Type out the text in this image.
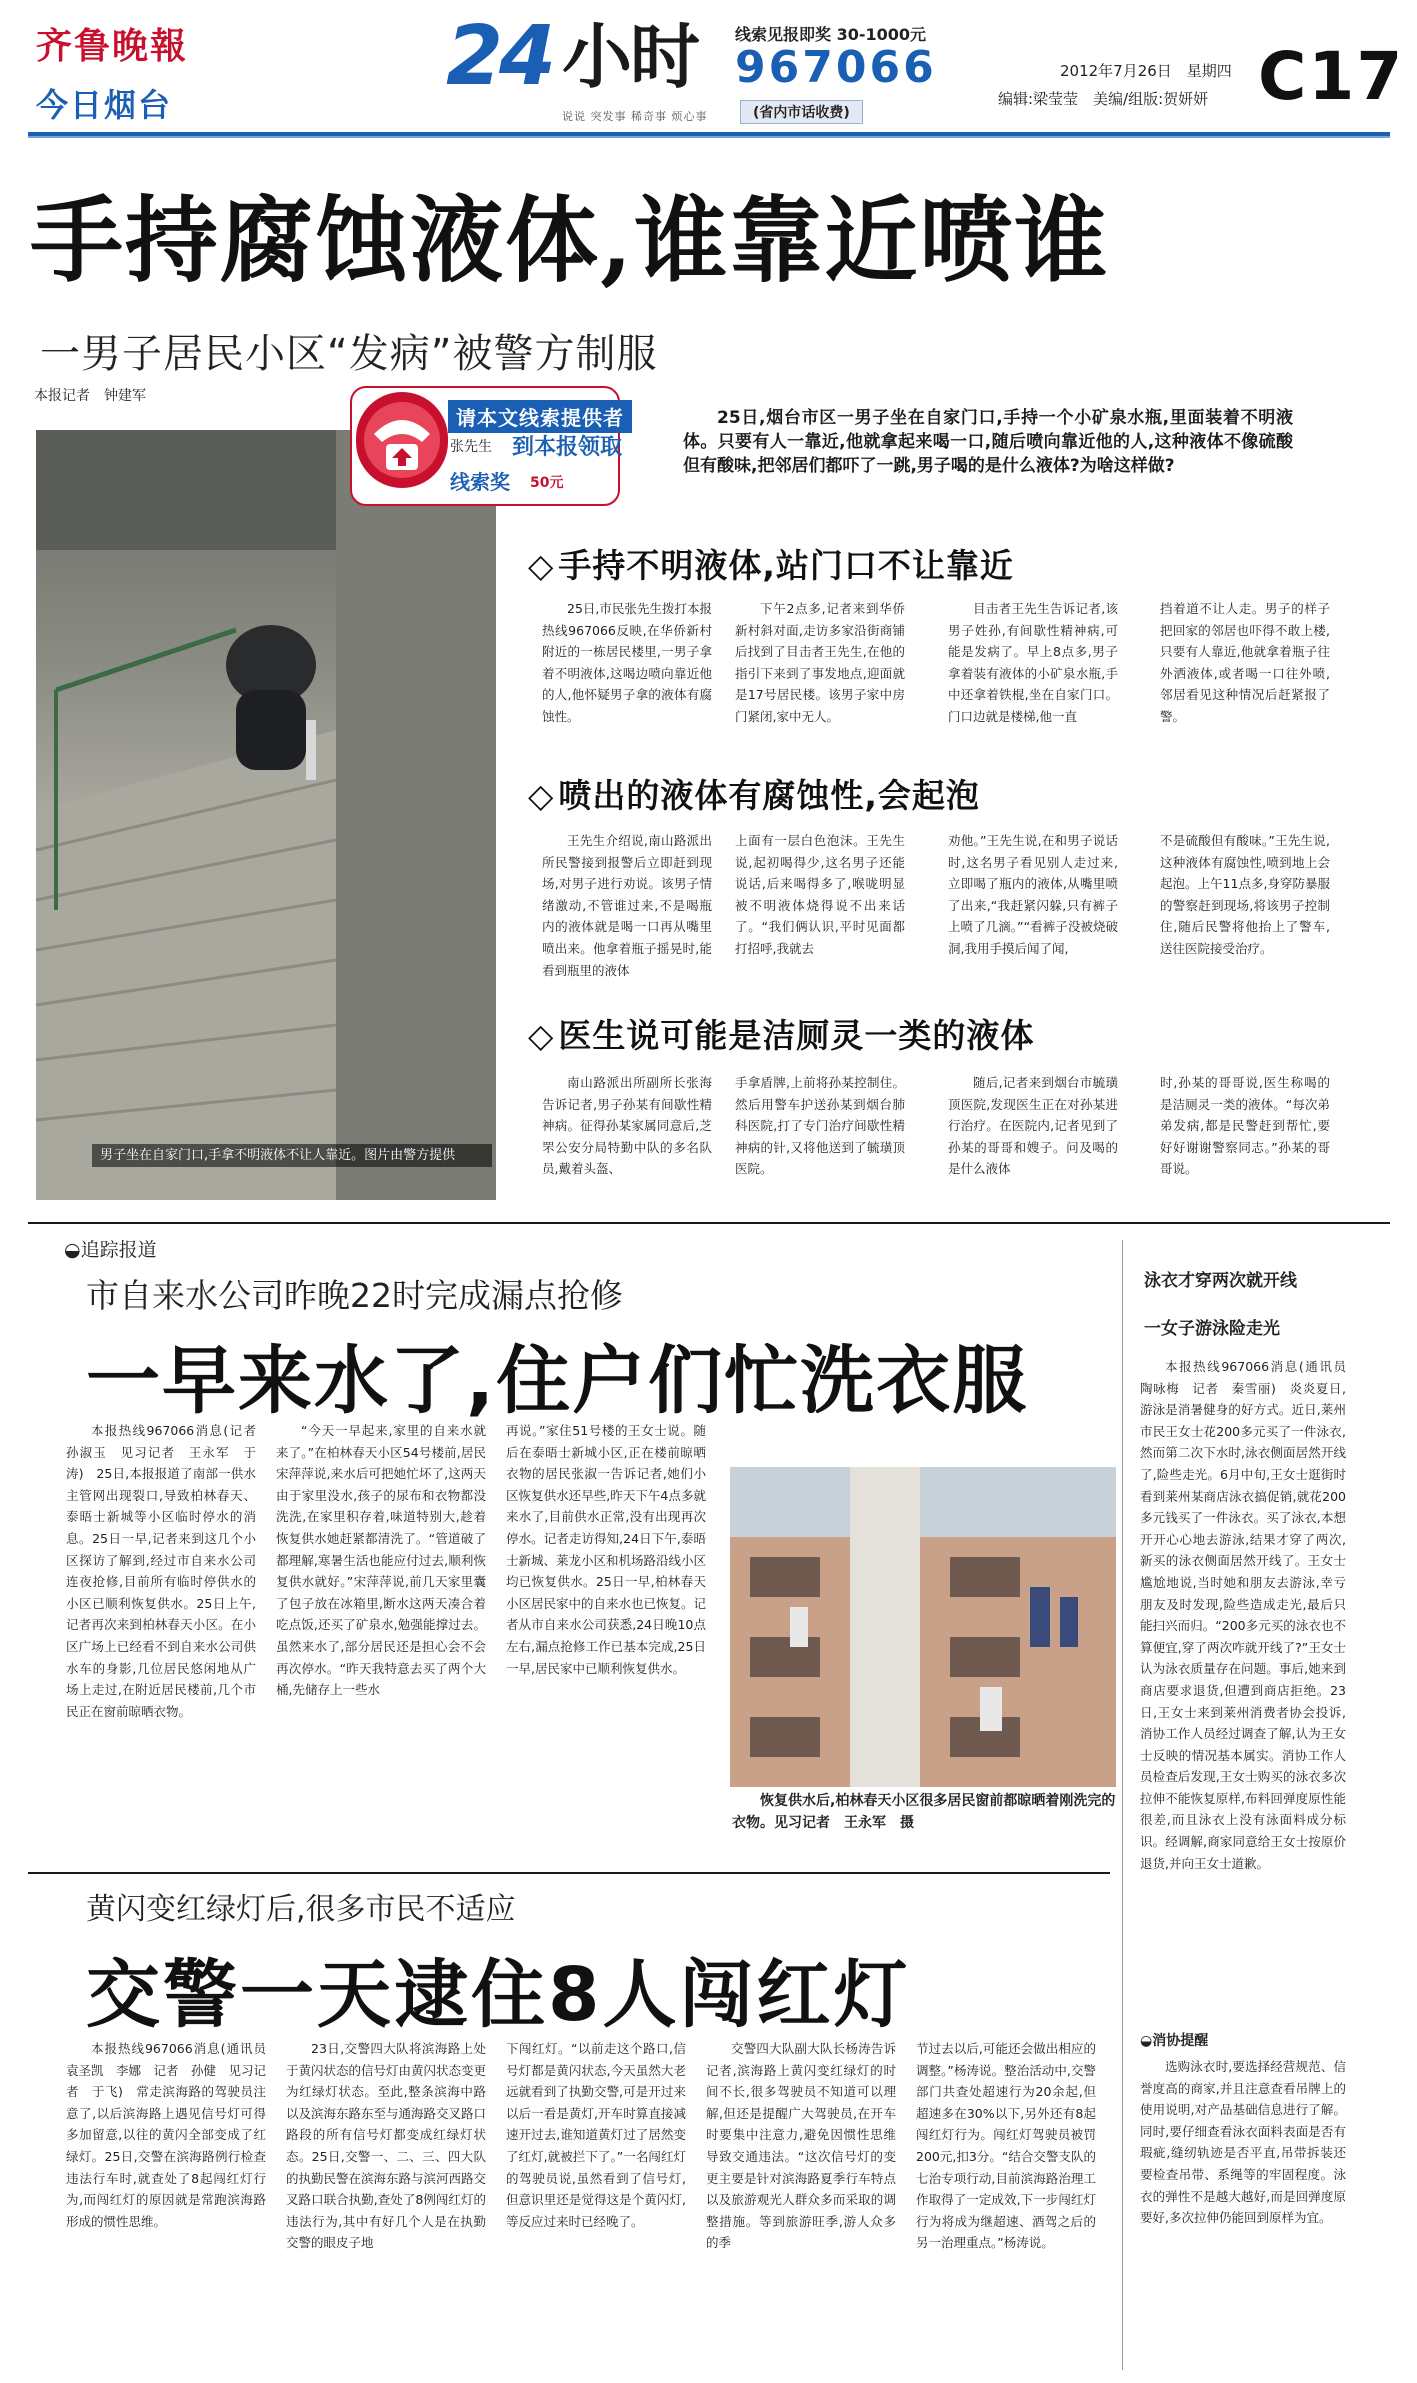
齐鲁晚報
今日烟台
24 小时
说说 突发事 稀奇事 烦心事
线索见报即奖 30-1000元
967066
(省内市话收费)
2012年7月26日　星期四
编辑:梁莹莹　美编/组版:贺妍妍 C17
手持腐蚀液体,谁靠近喷谁
一男子居民小区“发病”被警方制服
本报记者　钟建军
男子坐在自家门口,手拿不明液体不让人靠近。图片由警方提供
请本文线索提供者
张先生 到本报领取
线索奖 50元
25日,烟台市区一男子坐在自家门口,手持一个小矿泉水瓶,里面装着不明液体。只要有人一靠近,他就拿起来喝一口,随后喷向靠近他的人,这种液体不像硫酸但有酸味,把邻居们都吓了一跳,男子喝的是什么液体?为啥这样做?
◇ 手持不明液体,站门口不让靠近

25日,市民张先生拨打本报热线967066反映,在华侨新村附近的一栋居民楼里,一男子拿着不明液体,这喝边喷向靠近他的人,他怀疑男子拿的液体有腐蚀性。

下午2点多,记者来到华侨新村斜对面,走访多家沿街商铺后找到了目击者王先生,在他的指引下来到了事发地点,迎面就是17号居民楼。该男子家中房门紧闭,家中无人。

目击者王先生告诉记者,该男子姓孙,有间歇性精神病,可能是发病了。早上8点多,男子拿着装有液体的小矿泉水瓶,手中还拿着铁棍,坐在自家门口。门口边就是楼梯,他一直

挡着道不让人走。男子的样子把回家的邻居也吓得不敢上楼,只要有人靠近,他就拿着瓶子往外洒液体,或者喝一口往外喷,邻居看见这种情况后赶紧报了警。

◇ 喷出的液体有腐蚀性,会起泡

王先生介绍说,南山路派出所民警接到报警后立即赶到现场,对男子进行劝说。该男子情绪激动,不管谁过来,不是喝瓶内的液体就是喝一口再从嘴里喷出来。他拿着瓶子摇晃时,能看到瓶里的液体

上面有一层白色泡沫。王先生说,起初喝得少,这名男子还能说话,后来喝得多了,喉咙明显被不明液体烧得说不出来话了。“我们俩认识,平时见面都打招呼,我就去

劝他。”王先生说,在和男子说话时,这名男子看见别人走过来,立即喝了瓶内的液体,从嘴里喷了出来,“我赶紧闪躲,只有裤子上喷了几滴。”“看裤子没被烧破洞,我用手摸后闻了闻,

不是硫酸但有酸味。”王先生说,这种液体有腐蚀性,喷到地上会起泡。上午11点多,身穿防暴服的警察赶到现场,将该男子控制住,随后民警将他抬上了警车,送往医院接受治疗。

◇ 医生说可能是洁厕灵一类的液体

南山路派出所副所长张海告诉记者,男子孙某有间歇性精神病。征得孙某家属同意后,芝罘公安分局特勤中队的多名队员,戴着头盔、

手拿盾牌,上前将孙某控制住。然后用警车护送孙某到烟台肺科医院,打了专门治疗间歇性精神病的针,又将他送到了毓璜顶医院。

随后,记者来到烟台市毓璜顶医院,发现医生正在对孙某进行治疗。在医院内,记者见到了孙某的哥哥和嫂子。问及喝的是什么液体

时,孙某的哥哥说,医生称喝的是洁厕灵一类的液体。“每次弟弟发病,都是民警赶到帮忙,要好好谢谢警察同志。”孙某的哥哥说。

◒追踪报道
市自来水公司昨晚22时完成漏点抢修
一早来水了,住户们忙洗衣服

本报热线967066消息(记者　孙淑玉　见习记者　王永军　于涛)　25日,本报报道了南部一供水主管网出现裂口,导致柏林春天、泰晤士新城等小区临时停水的消息。25日一早,记者来到这几个小区探访了解到,经过市自来水公司连夜抢修,目前所有临时停供水的小区已顺利恢复供水。25日上午,记者再次来到柏林春天小区。在小区广场上已经看不到自来水公司供水车的身影,几位居民悠闲地从广场上走过,在附近居民楼前,几个市民正在窗前晾晒衣物。

“今天一早起来,家里的自来水就来了。”在柏林春天小区54号楼前,居民宋萍萍说,来水后可把她忙坏了,这两天由于家里没水,孩子的尿布和衣物都没洗洗,在家里积存着,味道特别大,趁着恢复供水她赶紧都清洗了。“管道破了都理解,寒暑生活也能应付过去,顺利恢复供水就好。”宋萍萍说,前几天家里囊了包子放在冰箱里,断水这两天凑合着吃点饭,还买了矿泉水,勉强能撑过去。虽然来水了,部分居民还是担心会不会再次停水。“昨天我特意去买了两个大桶,先储存上一些水

再说。”家住51号楼的王女士说。随后在泰晤士新城小区,正在楼前晾晒衣物的居民张淑一告诉记者,她们小区恢复供水还早些,昨天下午4点多就来水了,目前供水正常,没有出现再次停水。记者走访得知,24日下午,泰晤士新城、莱龙小区和机场路沿线小区均已恢复供水。25日一早,柏林春天小区居民家中的自来水也已恢复。记者从市自来水公司获悉,24日晚10点左右,漏点抢修工作已基本完成,25日一早,居民家中已顺利恢复供水。

恢复供水后,柏林春天小区很多居民窗前都晾晒着刚洗完的衣物。见习记者　王永军　摄
黄闪变红绿灯后,很多市民不适应
交警一天逮住8人闯红灯

本报热线967066消息(通讯员　袁圣凯　李娜　记者　孙健　见习记者　于飞)　常走滨海路的驾驶员注意了,以后滨海路上遇见信号灯可得多加留意,以往的黄闪全部变成了红绿灯。25日,交警在滨海路例行检查违法行车时,就查处了8起闯红灯行为,而闯红灯的原因就是常跑滨海路形成的惯性思维。

23日,交警四大队将滨海路上处于黄闪状态的信号灯由黄闪状态变更为红绿灯状态。至此,整条滨海中路以及滨海东路东至与通海路交叉路口路段的所有信号灯都变成红绿灯状态。25日,交警一、二、三、四大队的执勤民警在滨海东路与滨河西路交叉路口联合执勤,查处了8例闯红灯的违法行为,其中有好几个人是在执勤交警的眼皮子地

下闯红灯。“以前走这个路口,信号灯都是黄闪状态,今天虽然大老远就看到了执勤交警,可是开过来以后一看是黄灯,开车时算直接减速开过去,谁知道黄灯过了居然变了红灯,就被拦下了。”一名闯红灯的驾驶员说,虽然看到了信号灯,但意识里还是觉得这是个黄闪灯,等反应过来时已经晚了。

交警四大队副大队长杨涛告诉记者,滨海路上黄闪变红绿灯的时间不长,很多驾驶员不知道可以理解,但还是提醒广大驾驶员,在开车时要集中注意力,避免因惯性思维导致交通违法。“这次信号灯的变更主要是针对滨海路夏季行车特点以及旅游观光人群众多而采取的调整措施。等到旅游旺季,游人众多的季

节过去以后,可能还会做出相应的调整。”杨涛说。整治活动中,交警部门共查处超速行为20余起,但超速多在30%以下,另外还有8起闯红灯行为。闯红灯驾驶员被罚200元,扣3分。“结合交警支队的七治专项行动,目前滨海路治理工作取得了一定成效,下一步闯红灯行为将成为继超速、酒驾之后的另一治理重点。”杨涛说。

泳衣才穿两次就开线
一女子游泳险走光

本报热线967066消息(通讯员　陶咏梅　记者　秦雪丽)　炎炎夏日,游泳是消暑健身的好方式。近日,莱州市民王女士花200多元买了一件泳衣,然而第二次下水时,泳衣侧面居然开线了,险些走光。6月中旬,王女士逛街时看到莱州某商店泳衣搞促销,就花200多元钱买了一件泳衣。买了泳衣,本想开开心心地去游泳,结果才穿了两次,新买的泳衣侧面居然开线了。王女士尴尬地说,当时她和朋友去游泳,幸亏朋友及时发现,险些造成走光,最后只能扫兴而归。“200多元买的泳衣也不算便宜,穿了两次咋就开线了?”王女士认为泳衣质量存在问题。事后,她来到商店要求退货,但遭到商店拒绝。23日,王女士来到莱州消费者协会投诉,消协工作人员经过调查了解,认为王女士反映的情况基本属实。消协工作人员检查后发现,王女士购买的泳衣多次拉伸不能恢复原样,布料回弹度原性能很差,而且泳衣上没有泳面料成分标识。经调解,商家同意给王女士按原价退货,并向王女士道歉。

◒消协提醒

选购泳衣时,要选择经营规范、信誉度高的商家,并且注意查看吊牌上的使用说明,对产品基础信息进行了解。同时,要仔细查看泳衣面料表面是否有瑕疵,缝纫轨迹是否平直,吊带拆装还要检查吊带、系绳等的牢固程度。泳衣的弹性不是越大越好,而是回弹度原要好,多次拉伸仍能回到原样为宜。
